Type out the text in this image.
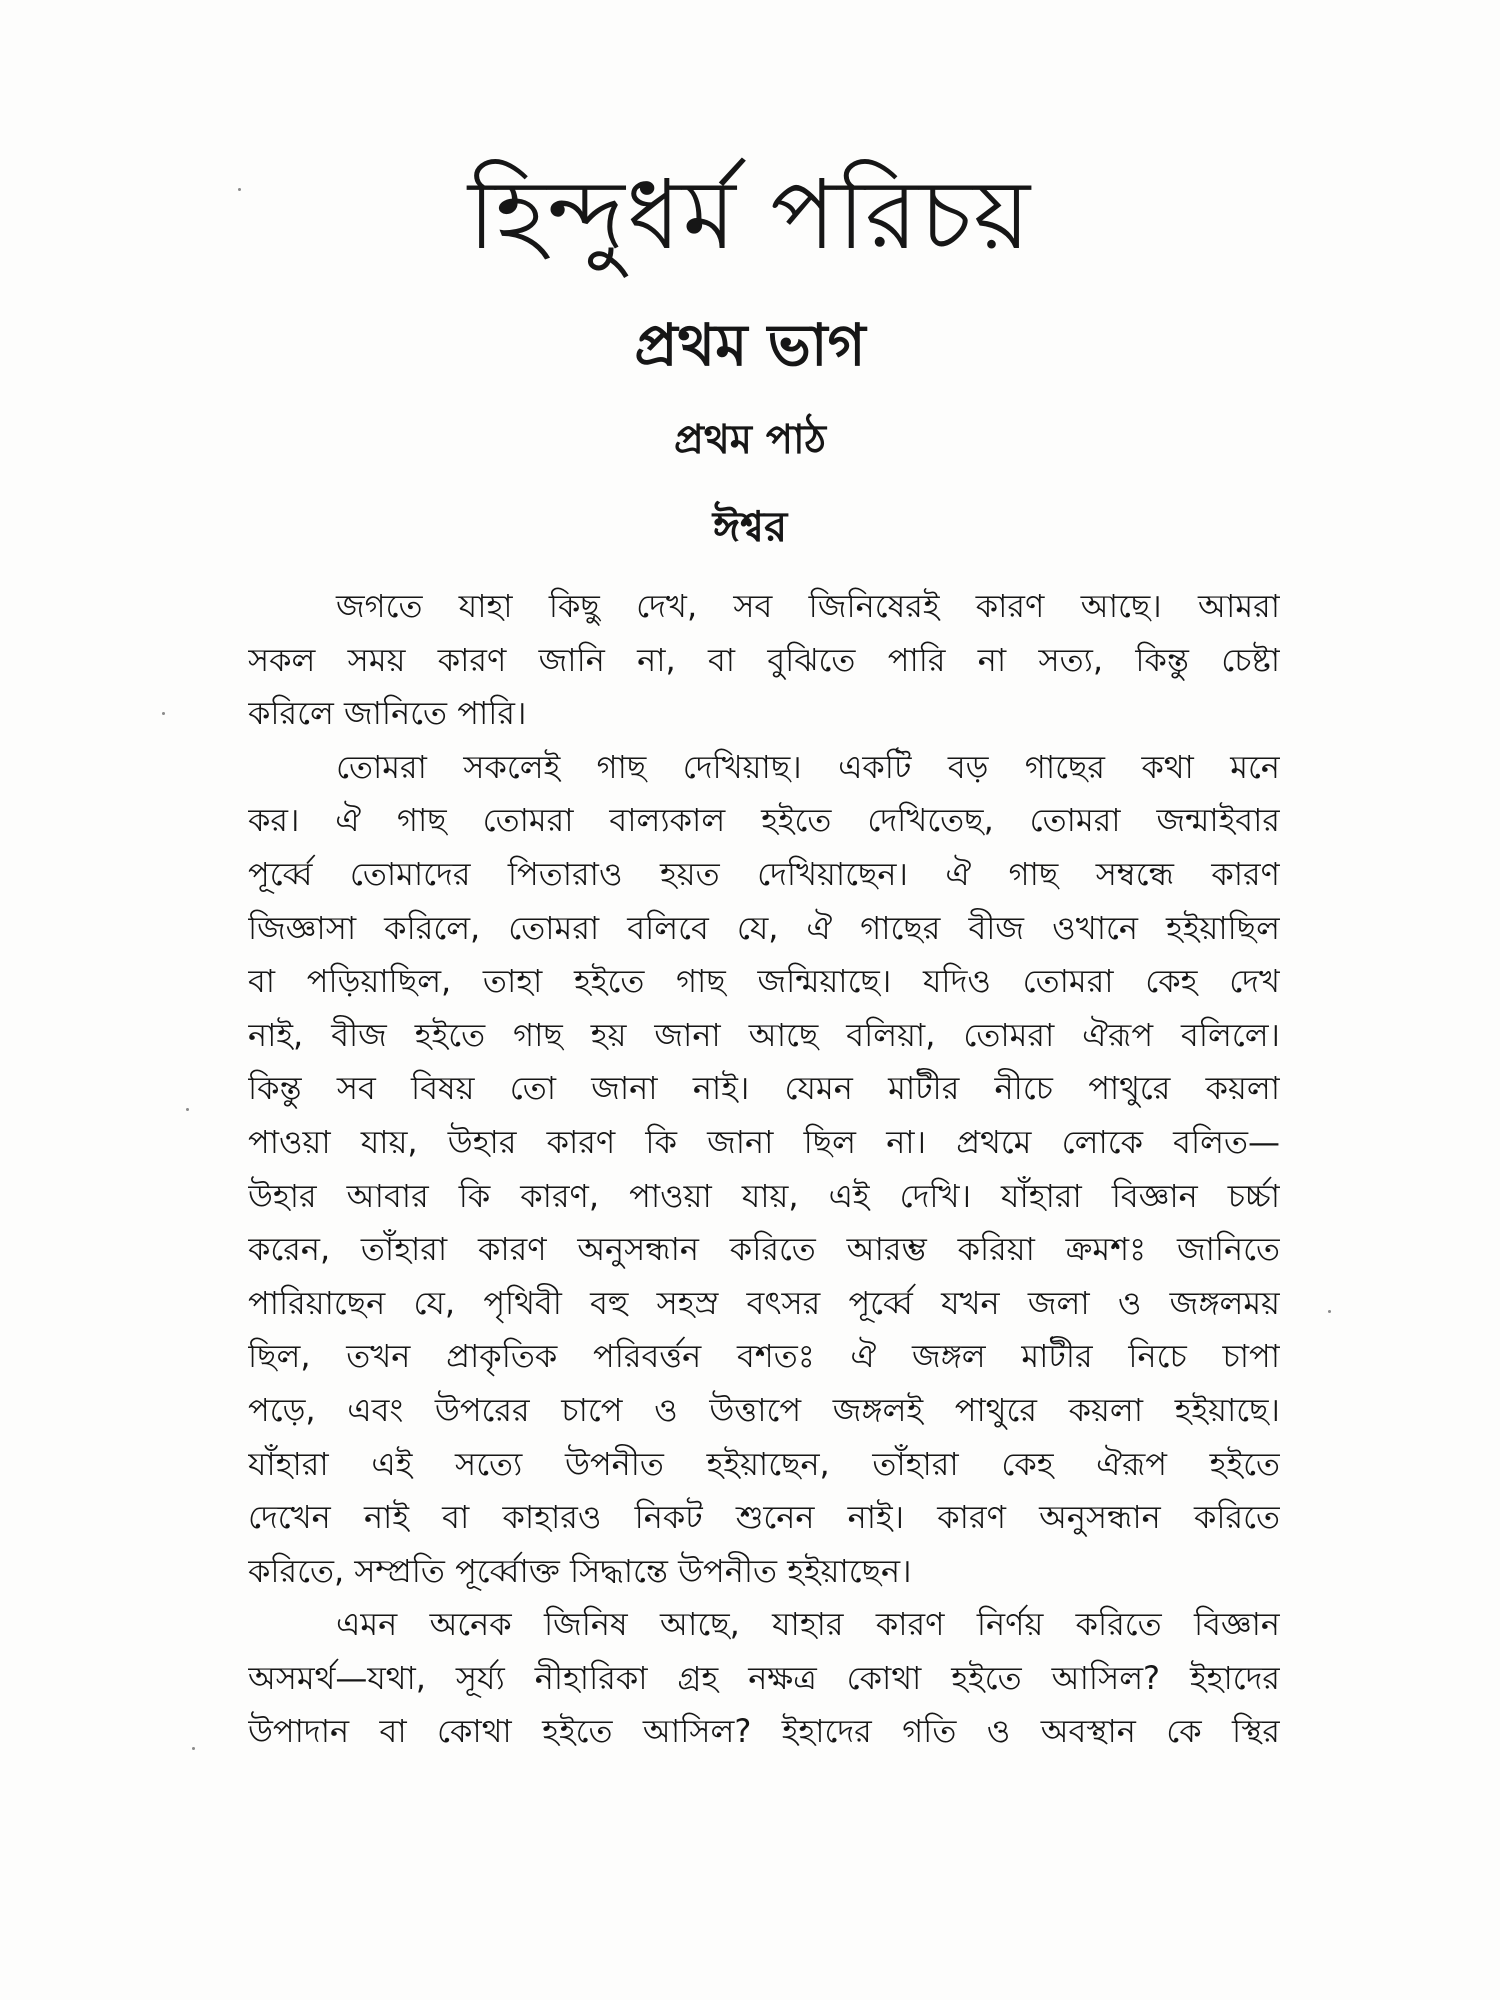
হিন্দুধর্ম পরিচয়
প্রথম ভাগ
প্রথম পাঠ
ঈশ্বর
জগতে যাহা কিছু দেখ, সব জিনিষেরই কারণ আছে। আমরা
সকল সময় কারণ জানি না, বা বুঝিতে পারি না সত্য, কিন্তু চেষ্টা
করিলে জানিতে পারি।
তোমরা সকলেই গাছ দেখিয়াছ। একটি বড় গাছের কথা মনে
কর। ঐ গাছ তোমরা বাল্যকাল হইতে দেখিতেছ, তোমরা জন্মাইবার
পূর্ব্বে তোমাদের পিতারাও হয়ত দেখিয়াছেন। ঐ গাছ সম্বন্ধে কারণ
জিজ্ঞাসা করিলে, তোমরা বলিবে যে, ঐ গাছের বীজ ওখানে হইয়াছিল
বা পড়িয়াছিল, তাহা হইতে গাছ জন্মিয়াছে। যদিও তোমরা কেহ দেখ
নাই, বীজ হইতে গাছ হয় জানা আছে বলিয়া, তোমরা ঐরূপ বলিলে।
কিন্তু সব বিষয় তো জানা নাই। যেমন মাটীর নীচে পাথুরে কয়লা
পাওয়া যায়, উহার কারণ কি জানা ছিল না। প্রথমে লোকে বলিত—
উহার আবার কি কারণ, পাওয়া যায়, এই দেখি। যাঁহারা বিজ্ঞান চর্চ্চা
করেন, তাঁহারা কারণ অনুসন্ধান করিতে আরম্ভ করিয়া ক্রমশঃ জানিতে
পারিয়াছেন যে, পৃথিবী বহু সহস্র বৎসর পূর্ব্বে যখন জলা ও জঙ্গলময়
ছিল, তখন প্রাকৃতিক পরিবর্ত্তন বশতঃ ঐ জঙ্গল মাটীর নিচে চাপা
পড়ে, এবং উপরের চাপে ও উত্তাপে জঙ্গলই পাথুরে কয়লা হইয়াছে।
যাঁহারা এই সত্যে উপনীত হইয়াছেন, তাঁহারা কেহ ঐরূপ হইতে
দেখেন নাই বা কাহারও নিকট শুনেন নাই। কারণ অনুসন্ধান করিতে
করিতে, সম্প্রতি পূর্ব্বোক্ত সিদ্ধান্তে উপনীত হইয়াছেন।
এমন অনেক জিনিষ আছে, যাহার কারণ নির্ণয় করিতে বিজ্ঞান
অসমর্থ—যথা, সূর্য্য নীহারিকা গ্রহ নক্ষত্র কোথা হইতে আসিল? ইহাদের
উপাদান বা কোথা হইতে আসিল? ইহাদের গতি ও অবস্থান কে স্থির
